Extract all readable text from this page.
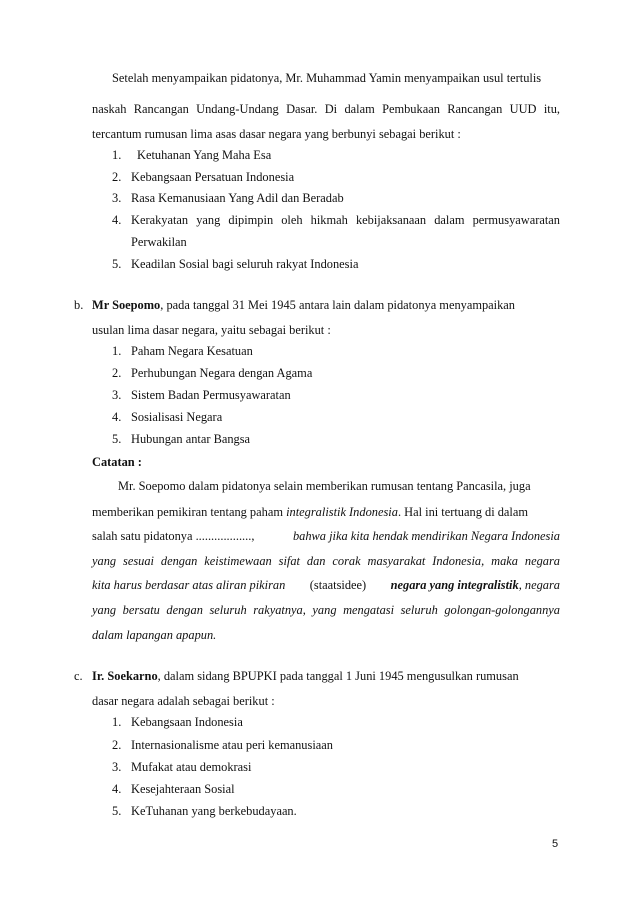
Setelah menyampaikan pidatonya, Mr. Muhammad Yamin menyampaikan usul tertulis
naskah Rancangan Undang-Undang Dasar. Di dalam Pembukaan Rancangan UUD itu,
tercantum rumusan lima asas dasar negara yang berbunyi sebagai berikut :
1. Ketuhanan Yang Maha Esa
2. Kebangsaan Persatuan Indonesia
3. Rasa Kemanusiaan Yang Adil dan Beradab
4. Kerakyatan yang dipimpin oleh hikmah kebijaksanaan dalam permusyawaratan
Perwakilan
5. Keadilan Sosial bagi seluruh rakyat Indonesia
b. Mr Soepomo, pada tanggal 31 Mei 1945 antara lain dalam pidatonya menyampaikan
usulan lima dasar negara, yaitu sebagai berikut :
1. Paham Negara Kesatuan
2. Perhubungan Negara dengan Agama
3. Sistem Badan Permusyawaratan
4. Sosialisasi Negara
5. Hubungan antar Bangsa
Catatan :
Mr. Soepomo dalam pidatonya selain memberikan rumusan tentang Pancasila, juga
memberikan pemikiran tentang paham integralistik Indonesia. Hal ini tertuang di dalam
salah satu pidatonya ..................,	bahwa jika kita hendak mendirikan Negara Indonesia
yang sesuai dengan keistimewaan sifat dan corak masyarakat Indonesia, maka negara
kita harus berdasar atas aliran pikiran (staatsidee) negara yang integralistik, negara
yang bersatu dengan seluruh rakyatnya, yang mengatasi seluruh golongan-golongannya
dalam lapangan apapun.
c. Ir. Soekarno, dalam sidang BPUPKI pada tanggal 1 Juni 1945 mengusulkan rumusan
dasar negara adalah sebagai berikut :
1. Kebangsaan Indonesia
2. Internasionalisme atau peri kemanusiaan
3. Mufakat atau demokrasi
4. Kesejahteraan Sosial
5. KeTuhanan yang berkebudayaan.
5
